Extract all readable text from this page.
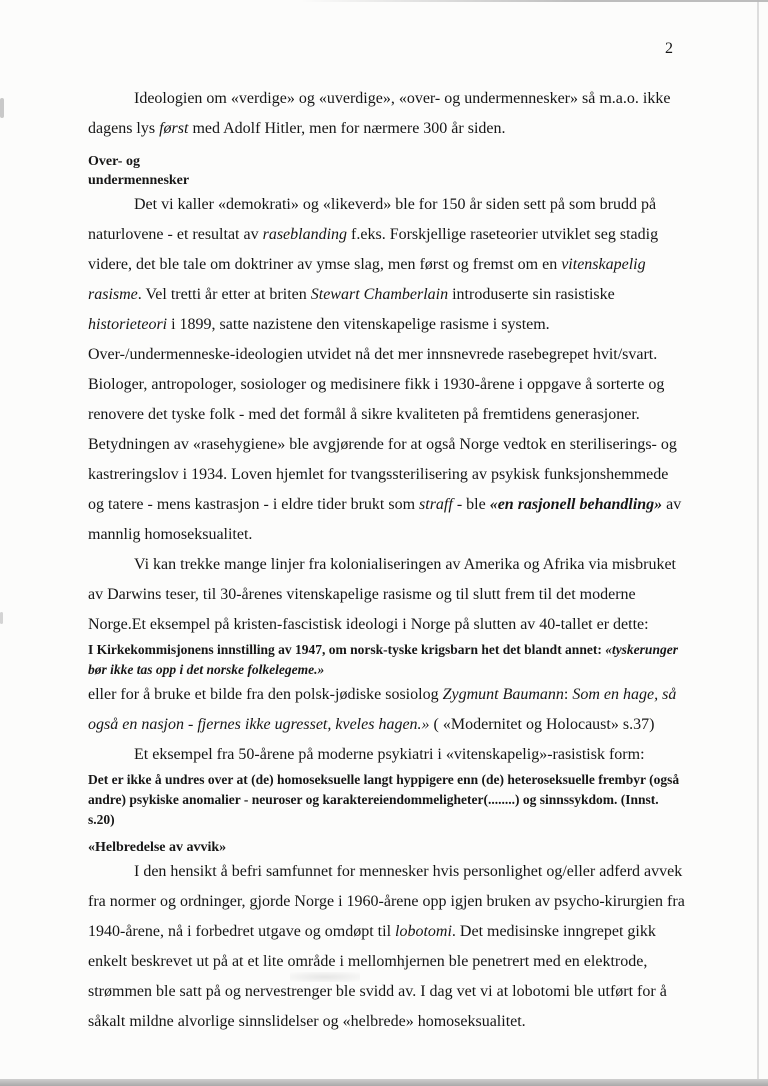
2

Ideologien om «verdige» og «uverdige», «over- og undermennesker» så m.a.o. ikke dagens lys først med Adolf Hitler, men for nærmere 300 år siden.

Over- og
undermennesker

Det vi kaller «demokrati» og «likeverd» ble for 150 år siden sett på som brudd på naturlovene - et resultat av raseblanding f.eks. Forskjellige raseteorier utviklet seg stadig videre, det ble tale om doktriner av ymse slag, men først og fremst om en vitenskapelig rasisme. Vel tretti år etter at briten Stewart Chamberlain introduserte sin rasistiske historieteori i 1899, satte nazistene den vitenskapelige rasisme i system. Over-/undermenneske-ideologien utvidet nå det mer innsnevrede rasebegrepet hvit/svart. Biologer, antropologer, sosiologer og medisinere fikk i 1930-årene i oppgave å sorterte og renovere det tyske folk - med det formål å sikre kvaliteten på fremtidens generasjoner. Betydningen av «rasehygiene» ble avgjørende for at også Norge vedtok en steriliserings- og kastreringslov i 1934. Loven hjemlet for tvangssterilisering av psykisk funksjonshemmede og tatere - mens kastrasjon - i eldre tider brukt som straff - ble «en rasjonell behandling» av mannlig homoseksualitet.

Vi kan trekke mange linjer fra kolonialiseringen av Amerika og Afrika via misbruket av Darwins teser, til 30-årenes vitenskapelige rasisme og til slutt frem til det moderne Norge.Et eksempel på kristen-fascistisk ideologi i Norge på slutten av 40-tallet er dette:

I Kirkekommisjonens innstilling av 1947, om norsk-tyske krigsbarn het det blandt annet: «tyskerunger bør ikke tas opp i det norske folkelegeme.»

eller for å bruke et bilde fra den polsk-jødiske sosiolog Zygmunt Baumann: Som en hage, så også en nasjon - fjernes ikke ugresset, kveles hagen.» ( «Modernitet og Holocaust» s.37)

Et eksempel fra 50-årene på moderne psykiatri i «vitenskapelig»-rasistisk form:

Det er ikke å undres over at (de) homoseksuelle langt hyppigere enn (de) heteroseksuelle frembyr (også andre) psykiske anomalier - neuroser og karaktereiendommeligheter(........) og sinnssykdom. (Innst. s.20)

«Helbredelse av avvik»

I den hensikt å befri samfunnet for mennesker hvis personlighet og/eller adferd avvek fra normer og ordninger, gjorde Norge i 1960-årene opp igjen bruken av psycho-kirurgien fra 1940-årene, nå i forbedret utgave og omdøpt til lobotomi. Det medisinske inngrepet gikk enkelt beskrevet ut på at et lite område i mellomhjernen ble penetrert med en elektrode, strømmen ble satt på og nervestrenger ble svidd av. I dag vet vi at lobotomi ble utført for å såkalt mildne alvorlige sinnslidelser og «helbrede» homoseksualitet.
